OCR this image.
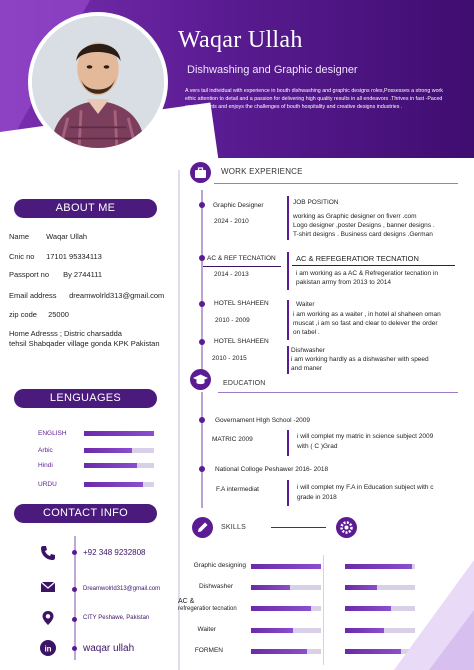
Waqar Ullah
Dishwashing and Graphic designer
A vers tail individual with experience in bouth dishwashing and graphic designs roles,Possesses a strong work ethic attention to detail and a passion for delivering high quality results in all endeavors .Thrives in fast -Paced environments and enjoys the challenges of bouth hospitality and creative designs industries .
ABOUT ME
Name Waqar Ullah
Cnic no 17101 95334113
Passport no By 2744111
Email address dreamwolrld313@gmail.com
zip code 25000
Home Adresss ; Distric charsadda
tehsil Shabqader village gonda KPK Pakistan
LENGUAGES
ENGLISH
Arbic
Hindi
URDU
CONTACT INFO
+92 348 9232808
Dreamwolrld313@gmail.com
CITY Peshawe, Pakistan
in	waqar ullah
WORK EXPERIENCE
Graphic Designer
2024 - 2010
JOB POSITION
working as Graphic designer on fiverr .com
Logo designer ,poster Designs , banner designs .
T-shirt designs . Business card designs .German
AC & REF TECNATION
2014 - 2013
AC & REFEGERATIOR TECNATION
i am working as a AC & Refregeratior tecnation in
pakistan army from 2013 to 2014
HOTEL SHAHEEN
2010 - 2009
Waiter
i am working as a waiter , in hotel al shaheen oman
muscat ,i am so fast and clear to delever the order
on tabel .
HOTEL SHAHEEN
2010 - 2015
Dishwasher
i am working hardly as a dishwasher with speed
and maner
EDUCATION
Governament HIgh School -2009
MATRIC 2009	i will complet my matric in science subject 2009
with ( C )Grad
National Colloge Peshawer 2016- 2018
F.A intermediat	i will complet my F.A in Education subject with c
grade in 2018
SKILLS
Graphic designing
Dishwasher
AC &
refregeratior tecnation
Waiter
FORMEN
